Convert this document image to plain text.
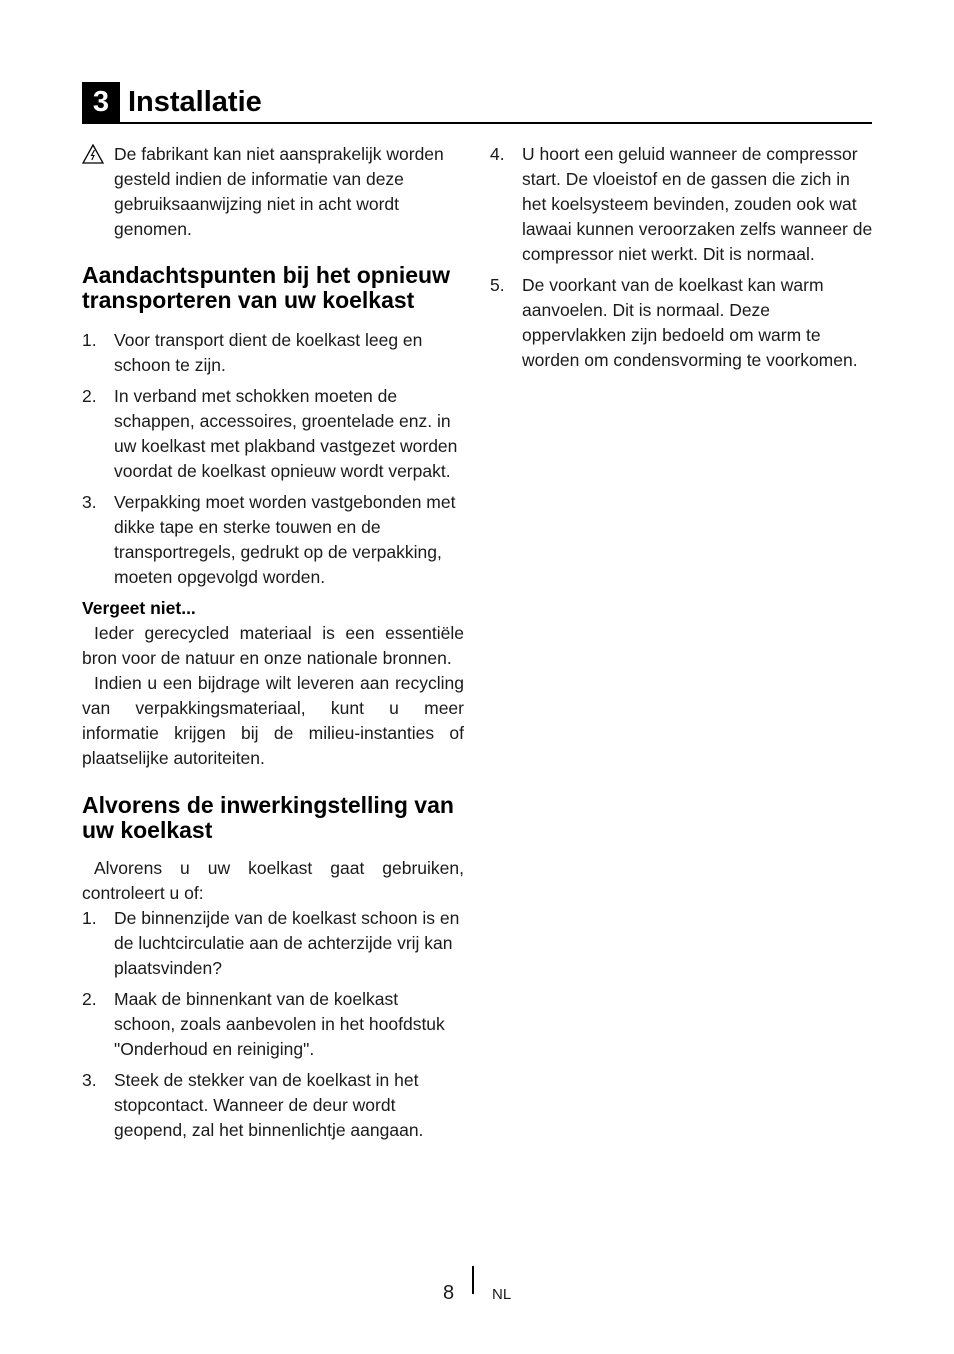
3 Installatie

De fabrikant kan niet aansprakelijk worden gesteld indien de informatie van deze gebruiksaanwijzing niet in acht wordt genomen.

Aandachtspunten bij het opnieuw transporteren van uw koelkast
1. Voor transport dient de koelkast leeg en schoon te zijn.
2. In verband met schokken moeten de schappen, accessoires, groentelade enz. in uw koelkast met plakband vastgezet worden voordat de koelkast opnieuw wordt verpakt.
3. Verpakking moet worden vastgebonden met dikke tape en sterke touwen en de transportregels, gedrukt op de verpakking, moeten opgevolgd worden.
Vergeet niet...

Ieder gerecycled materiaal is een essentiële bron voor de natuur en onze nationale bronnen.

Indien u een bijdrage wilt leveren aan recycling van verpakkingsmateriaal, kunt u meer informatie krijgen bij de milieu-instanties of plaatselijke autoriteiten.

Alvorens de inwerkingstelling van uw koelkast

Alvorens u uw koelkast gaat gebruiken, controleert u of:

1. De binnenzijde van de koelkast schoon is en de luchtcirculatie aan de achterzijde vrij kan plaatsvinden?
2. Maak de binnenkant van de koelkast schoon, zoals aanbevolen in het hoofdstuk "Onderhoud en reiniging".
3. Steek de stekker van de koelkast in het stopcontact. Wanneer de deur wordt geopend, zal het binnenlichtje aangaan.
4. U hoort een geluid wanneer de compressor start. De vloeistof en de gassen die zich in het koelsysteem bevinden, zouden ook wat lawaai kunnen veroorzaken zelfs wanneer de compressor niet werkt. Dit is normaal.
5. De voorkant van de koelkast kan warm aanvoelen. Dit is normaal. Deze oppervlakken zijn bedoeld om warm te worden om condensvorming te voorkomen.
8	NL
